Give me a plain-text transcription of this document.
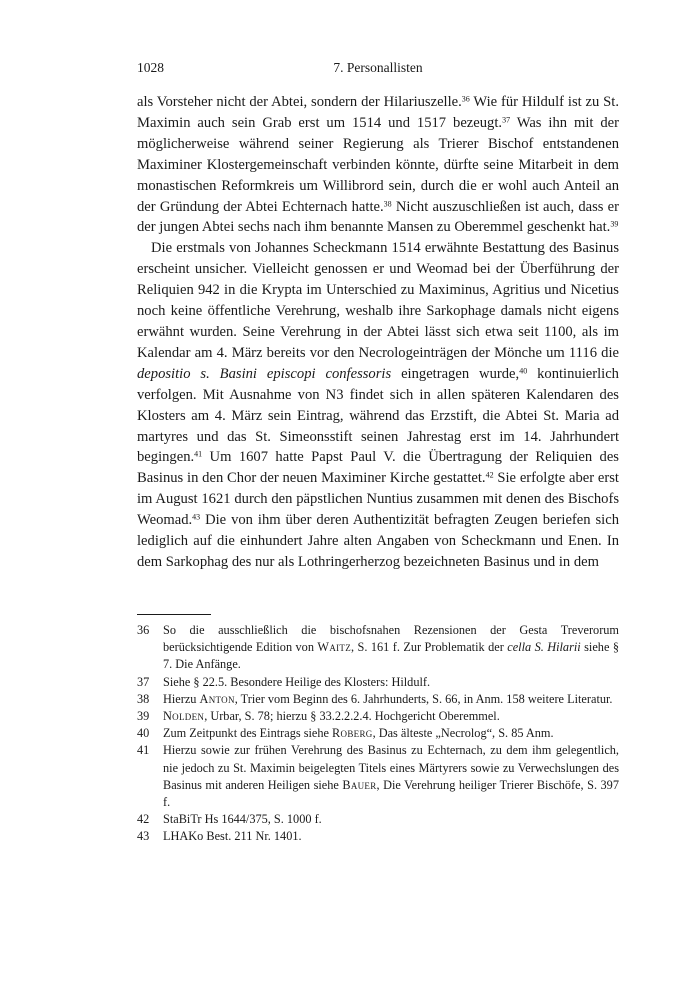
1028	7. Personallisten

als Vorsteher nicht der Abtei, sondern der Hilariuszelle.$^{36}$ Wie für Hildulf ist zu St. Maximin auch sein Grab erst um 1514 und 1517 bezeugt.$^{37}$ Was ihn mit der möglicherweise während seiner Regierung als Trierer Bischof entstandenen Maximiner Klostergemeinschaft verbinden könnte, dürfte seine Mitarbeit in dem monastischen Reformkreis um Willibrord sein, durch die er wohl auch Anteil an der Gründung der Abtei Echternach hatte.$^{38}$ Nicht auszuschließen ist auch, dass er der jungen Abtei sechs nach ihm benannte Mansen zu Oberemmel geschenkt hat.$^{39}$

Die erstmals von Johannes Scheckmann 1514 erwähnte Bestattung des Basinus erscheint unsicher. Vielleicht genossen er und Weomad bei der Überführung der Reliquien 942 in die Krypta im Unterschied zu Maximinus, Agritius und Nicetius noch keine öffentliche Verehrung, weshalb ihre Sarkophage damals nicht eigens erwähnt wurden. Seine Verehrung in der Abtei lässt sich etwa seit 1100, als im Kalendar am 4. März bereits vor den Necrologeinträgen der Mönche um 1116 die depositio s. Basini episcopi confessoris eingetragen wurde,$^{40}$ kontinuierlich verfolgen. Mit Ausnahme von N3 findet sich in allen späteren Kalendaren des Klosters am 4. März sein Eintrag, während das Erzstift, die Abtei St. Maria ad martyres und das St. Simeonsstift seinen Jahrestag erst im 14. Jahrhundert begingen.$^{41}$ Um 1607 hatte Papst Paul V. die Übertragung der Reliquien des Basinus in den Chor der neuen Maximiner Kirche gestattet.$^{42}$ Sie erfolgte aber erst im August 1621 durch den päpstlichen Nuntius zusammen mit denen des Bischofs Weomad.$^{43}$ Die von ihm über deren Authentizität befragten Zeugen beriefen sich lediglich auf die einhundert Jahre alten Angaben von Scheckmann und Enen. In dem Sarkophag des nur als Lothringerherzog bezeichneten Basinus und in dem

36 So die ausschließlich die bischofsnahen Rezensionen der Gesta Treverorum berücksichtigende Edition von Waitz, S. 161 f. Zur Problematik der cella S. Hilarii siehe § 7. Die Anfänge.
37 Siehe § 22.5. Besondere Heilige des Klosters: Hildulf.
38 Hierzu Anton, Trier vom Beginn des 6. Jahrhunderts, S. 66, in Anm. 158 weitere Literatur.
39 Nolden, Urbar, S. 78; hierzu § 33.2.2.2.4. Hochgericht Oberemmel.
40 Zum Zeitpunkt des Eintrags siehe Roberg, Das älteste „Necrolog“, S. 85 Anm.
41 Hierzu sowie zur frühen Verehrung des Basinus zu Echternach, zu dem ihm gelegentlich, nie jedoch zu St. Maximin beigelegten Titels eines Märtyrers sowie zu Verwechslungen des Basinus mit anderen Heiligen siehe Bauer, Die Verehrung heiliger Trierer Bischöfe, S. 397 f.
42 StaBiTr Hs 1644/375, S. 1000 f.
43 LHAKo Best. 211 Nr. 1401.
